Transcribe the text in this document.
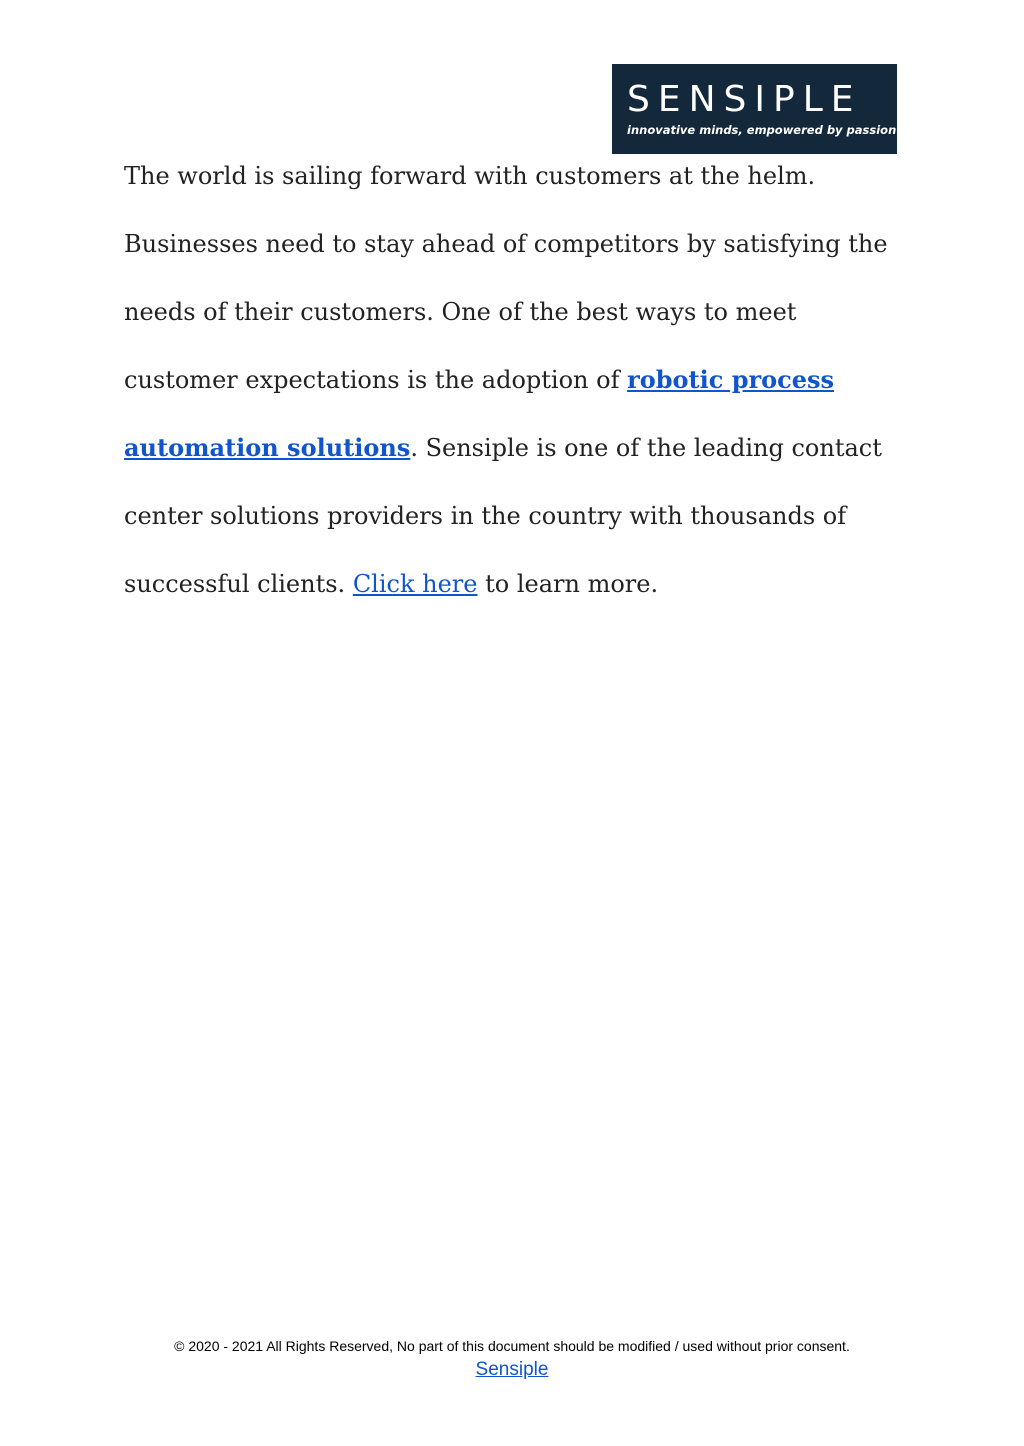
SENSIPLE
innovative minds, empowered by passion
The world is sailing forward with customers at the helm.
Businesses need to stay ahead of competitors by satisfying the
needs of their customers. One of the best ways to meet
customer expectations is the adoption of robotic process
automation solutions. Sensiple is one of the leading contact
center solutions providers in the country with thousands of
successful clients. Click here to learn more.
© 2020 - 2021 All Rights Reserved, No part of this document should be modified / used without prior consent.
Sensiple
